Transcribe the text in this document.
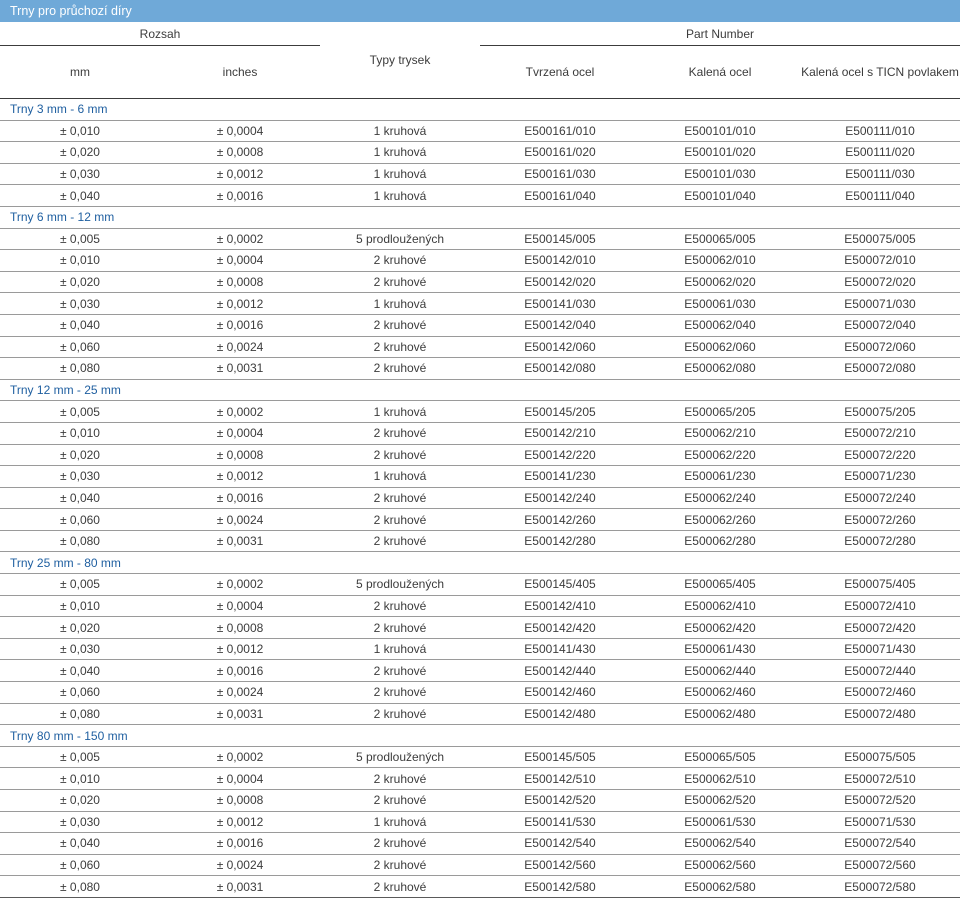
Trny pro průchozí díry
Rozsah		Typy trysek	Part Number		
mm	inches		Tvrzená ocel	Kalená ocel	Kalená ocel s TICN povlakem
Trny 3 mm - 6 mm					
± 0,010	± 0,0004	1 kruhová	E500161/010	E500101/010	E500111/010
± 0,020	± 0,0008	1 kruhová	E500161/020	E500101/020	E500111/020
± 0,030	± 0,0012	1 kruhová	E500161/030	E500101/030	E500111/030
± 0,040	± 0,0016	1 kruhová	E500161/040	E500101/040	E500111/040
Trny 6 mm - 12 mm					
± 0,005	± 0,0002	5 prodloužených	E500145/005	E500065/005	E500075/005
± 0,010	± 0,0004	2 kruhové	E500142/010	E500062/010	E500072/010
± 0,020	± 0,0008	2 kruhové	E500142/020	E500062/020	E500072/020
± 0,030	± 0,0012	1 kruhová	E500141/030	E500061/030	E500071/030
± 0,040	± 0,0016	2 kruhové	E500142/040	E500062/040	E500072/040
± 0,060	± 0,0024	2 kruhové	E500142/060	E500062/060	E500072/060
± 0,080	± 0,0031	2 kruhové	E500142/080	E500062/080	E500072/080
Trny 12 mm - 25 mm					
± 0,005	± 0,0002	1 kruhová	E500145/205	E500065/205	E500075/205
± 0,010	± 0,0004	2 kruhové	E500142/210	E500062/210	E500072/210
± 0,020	± 0,0008	2 kruhové	E500142/220	E500062/220	E500072/220
± 0,030	± 0,0012	1 kruhová	E500141/230	E500061/230	E500071/230
± 0,040	± 0,0016	2 kruhové	E500142/240	E500062/240	E500072/240
± 0,060	± 0,0024	2 kruhové	E500142/260	E500062/260	E500072/260
± 0,080	± 0,0031	2 kruhové	E500142/280	E500062/280	E500072/280
Trny 25 mm - 80 mm					
± 0,005	± 0,0002	5 prodloužených	E500145/405	E500065/405	E500075/405
± 0,010	± 0,0004	2 kruhové	E500142/410	E500062/410	E500072/410
± 0,020	± 0,0008	2 kruhové	E500142/420	E500062/420	E500072/420
± 0,030	± 0,0012	1 kruhová	E500141/430	E500061/430	E500071/430
± 0,040	± 0,0016	2 kruhové	E500142/440	E500062/440	E500072/440
± 0,060	± 0,0024	2 kruhové	E500142/460	E500062/460	E500072/460
± 0,080	± 0,0031	2 kruhové	E500142/480	E500062/480	E500072/480
Trny 80 mm - 150 mm					
± 0,005	± 0,0002	5 prodloužených	E500145/505	E500065/505	E500075/505
± 0,010	± 0,0004	2 kruhové	E500142/510	E500062/510	E500072/510
± 0,020	± 0,0008	2 kruhové	E500142/520	E500062/520	E500072/520
± 0,030	± 0,0012	1 kruhová	E500141/530	E500061/530	E500071/530
± 0,040	± 0,0016	2 kruhové	E500142/540	E500062/540	E500072/540
± 0,060	± 0,0024	2 kruhové	E500142/560	E500062/560	E500072/560
± 0,080	± 0,0031	2 kruhové	E500142/580	E500062/580	E500072/580
